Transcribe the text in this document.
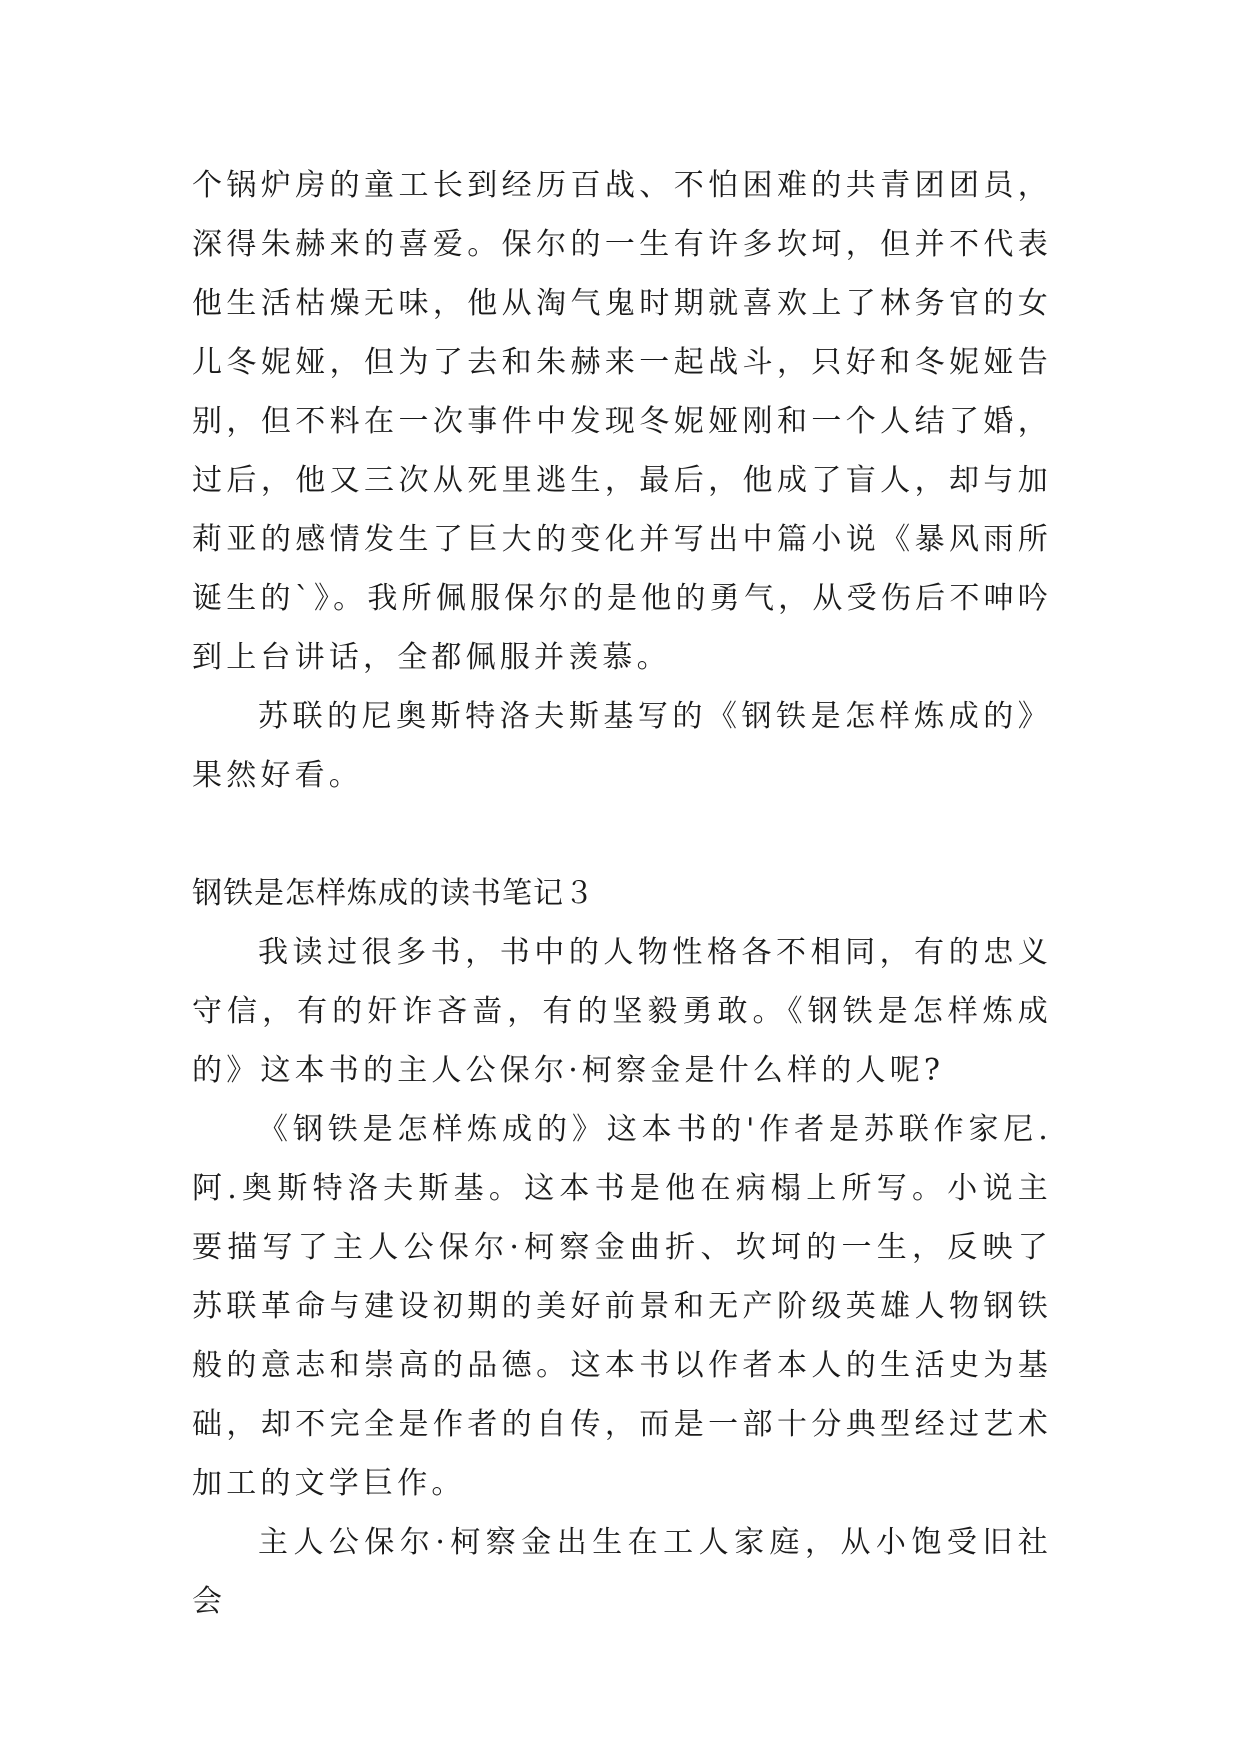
个锅炉房的童工长到经历百战、不怕困难的共青团团员，深得朱赫来的喜爱。保尔的一生有许多坎坷，但并不代表他生活枯燥无味，他从淘气鬼时期就喜欢上了林务官的女儿冬妮娅，但为了去和朱赫来一起战斗，只好和冬妮娅告别，但不料在一次事件中发现冬妮娅刚和一个人结了婚，过后，他又三次从死里逃生，最后，他成了盲人，却与加莉亚的感情发生了巨大的变化并写出中篇小说《暴风雨所诞生的`》。我所佩服保尔的是他的勇气，从受伤后不呻吟到上台讲话，全都佩服并羡慕。

苏联的尼奥斯特洛夫斯基写的《钢铁是怎样炼成的》果然好看。

钢铁是怎样炼成的读书笔记３

我读过很多书，书中的人物性格各不相同，有的忠义守信，有的奸诈吝啬，有的坚毅勇敢。《钢铁是怎样炼成的》这本书的主人公保尔·柯察金是什么样的人呢?

《钢铁是怎样炼成的》这本书的'作者是苏联作家尼.阿.奥斯特洛夫斯基。这本书是他在病榻上所写。小说主要描写了主人公保尔·柯察金曲折、坎坷的一生，反映了苏联革命与建设初期的美好前景和无产阶级英雄人物钢铁般的意志和崇高的品德。这本书以作者本人的生活史为基础，却不完全是作者的自传，而是一部十分典型经过艺术加工的文学巨作。

主人公保尔·柯察金出生在工人家庭，从小饱受旧社会
